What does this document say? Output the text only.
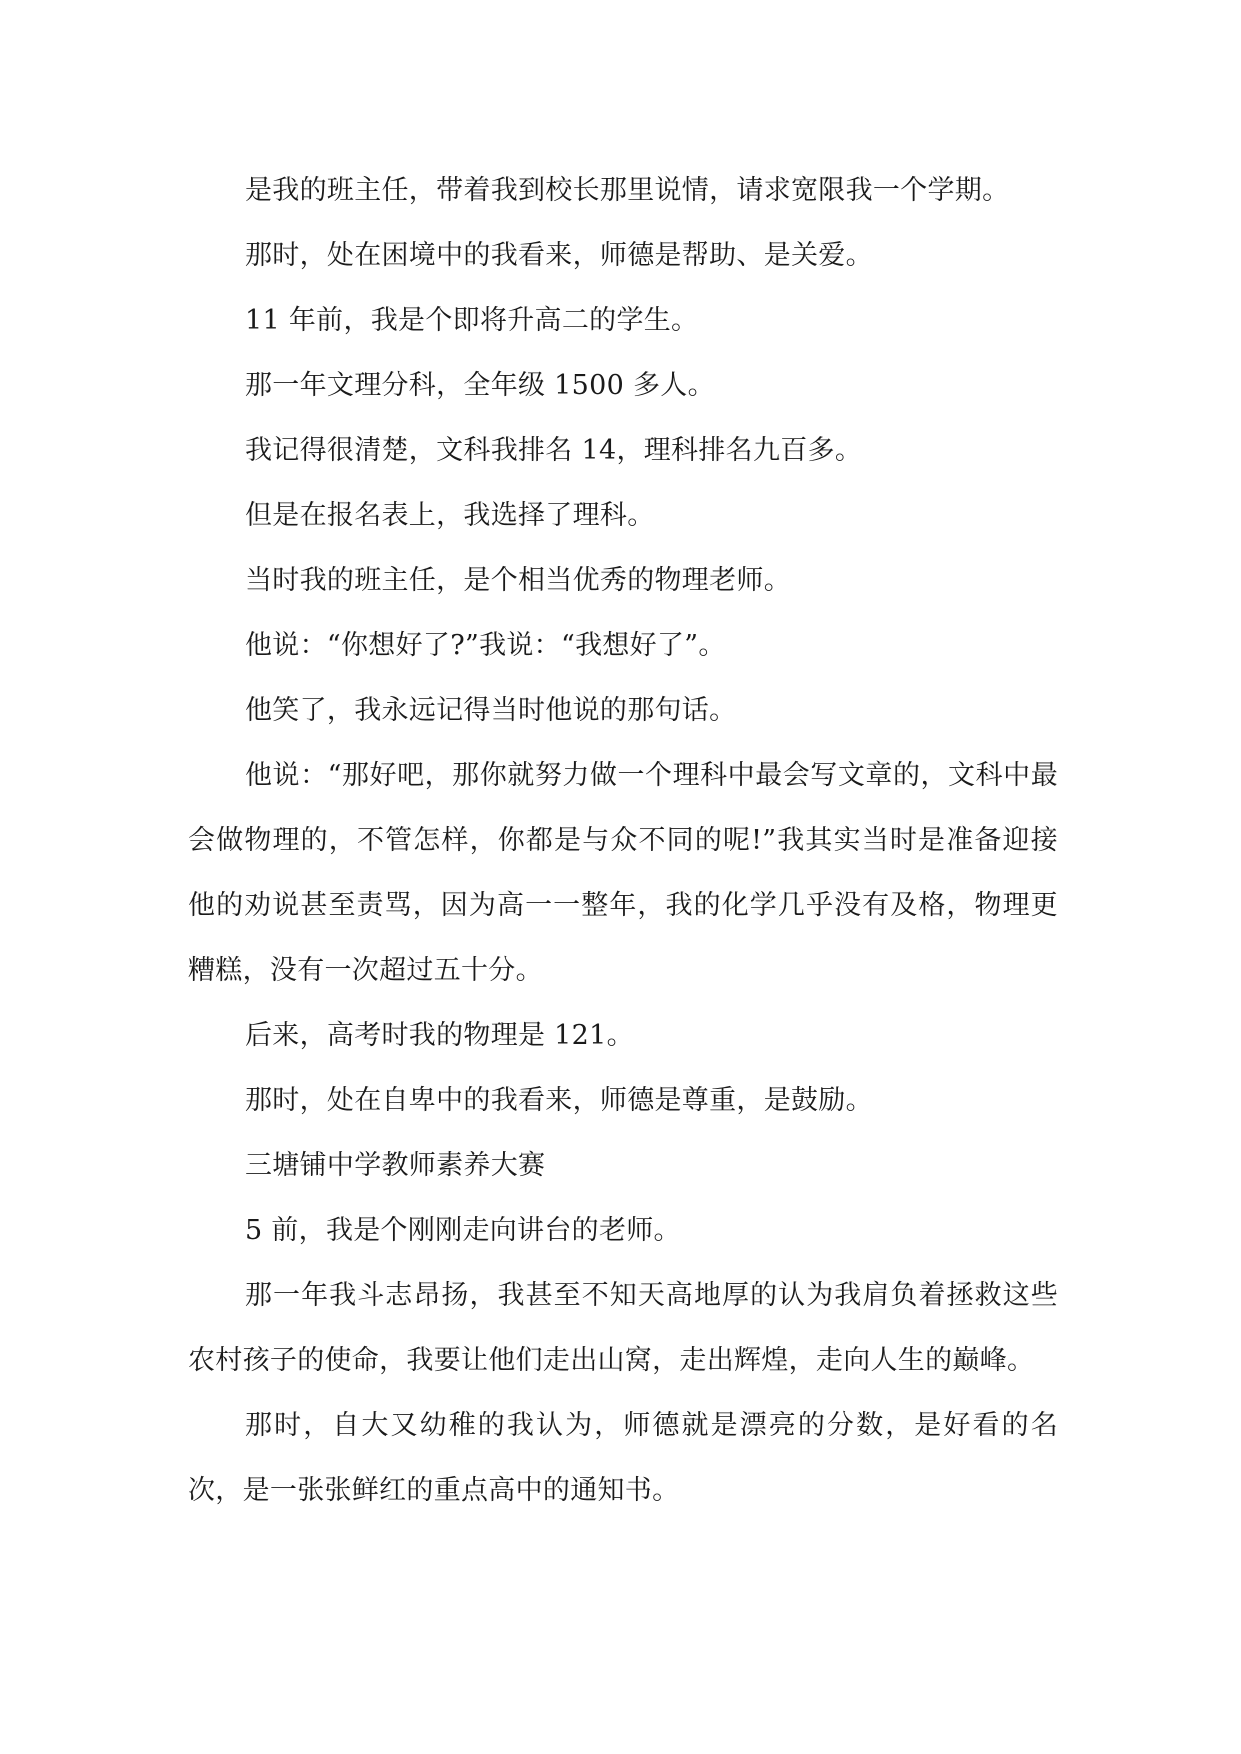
是我的班主任，带着我到校长那里说情，请求宽限我一个学期。

那时，处在困境中的我看来，师德是帮助、是关爱。

11 年前，我是个即将升高二的学生。

那一年文理分科，全年级 1500 多人。

我记得很清楚，文科我排名 14，理科排名九百多。

但是在报名表上，我选择了理科。

当时我的班主任，是个相当优秀的物理老师。

他说：“你想好了?”我说：“我想好了”。

他笑了，我永远记得当时他说的那句话。

他说：“那好吧，那你就努力做一个理科中最会写文章的，文科中最会做物理的，不管怎样，你都是与众不同的呢!”我其实当时是准备迎接他的劝说甚至责骂，因为高一一整年，我的化学几乎没有及格，物理更糟糕，没有一次超过五十分。

后来，高考时我的物理是 121。

那时，处在自卑中的我看来，师德是尊重，是鼓励。

三塘铺中学教师素养大赛

5 前，我是个刚刚走向讲台的老师。

那一年我斗志昂扬，我甚至不知天高地厚的认为我肩负着拯救这些农村孩子的使命，我要让他们走出山窝，走出辉煌，走向人生的巅峰。

那时，自大又幼稚的我认为，师德就是漂亮的分数，是好看的名次，是一张张鲜红的重点高中的通知书。
